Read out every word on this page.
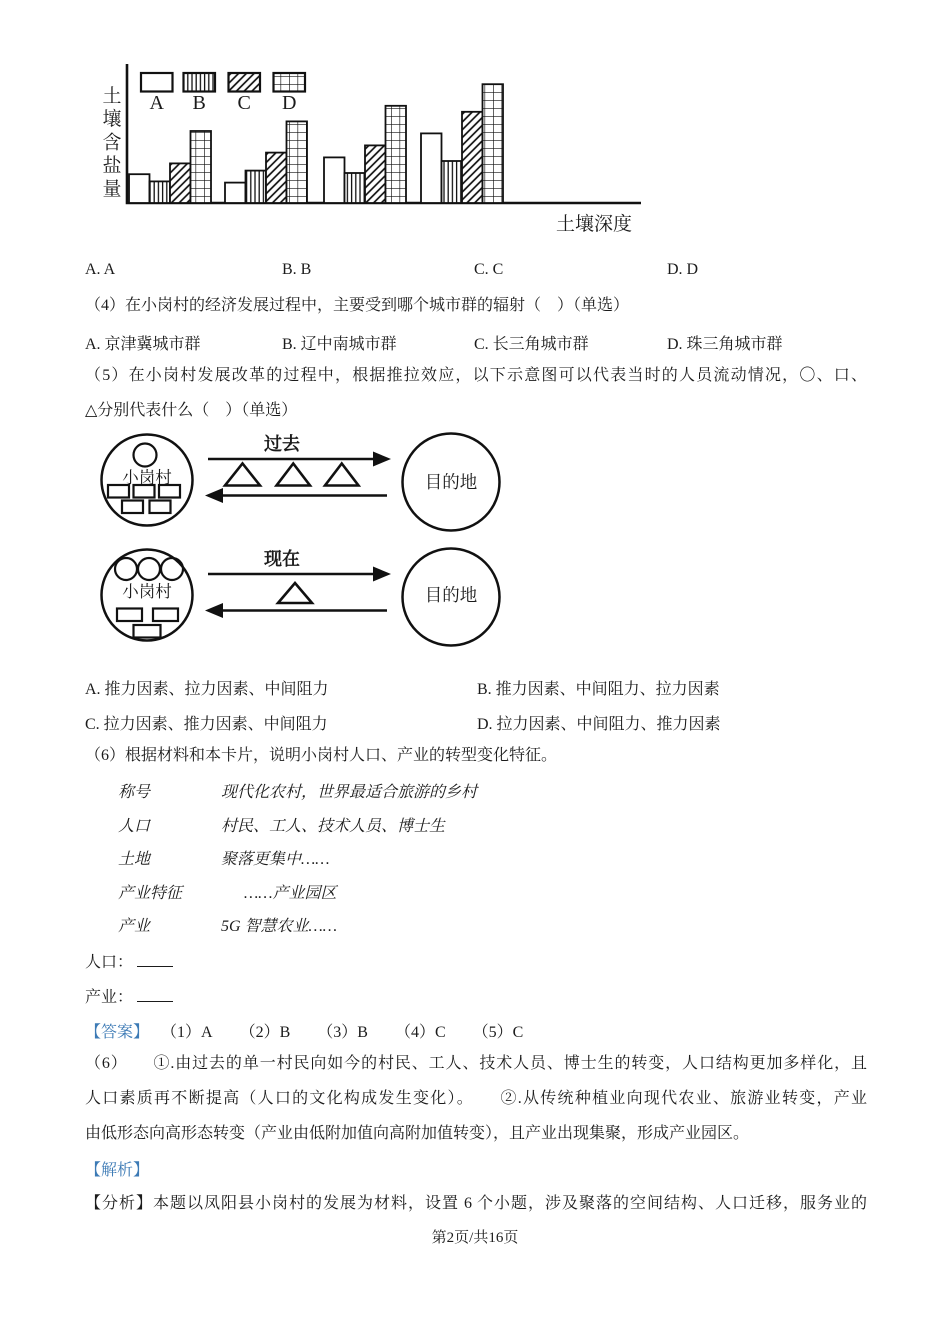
土
壤
含
盐
量
土壤深度
A B C D
A. A	B. B	C. C	D. D
（4）在小岗村的经济发展过程中，主要受到哪个城市群的辐射（　）（单选）
A. 京津冀城市群	B. 辽中南城市群	C. 长三角城市群	D. 珠三角城市群
（5）在小岗村发展改革的过程中，根据推拉效应，以下示意图可以代表当时的人员流动情况，〇、口、
△分别代表什么（　）（单选）
小岗村
过去
目的地
小岗村
现在
目的地
A. 推力因素、拉力因素、中间阻力	B. 推力因素、中间阻力、拉力因素
C. 拉力因素、推力因素、中间阻力	D. 拉力因素、中间阻力、推力因素
（6）根据材料和本卡片，说明小岗村人口、产业的转型变化特征。
称号	现代化农村，世界最适合旅游的乡村
人口	村民、工人、技术人员、博士生
土地	聚落更集中……
产业特征	……产业园区
产业	5G 智慧农业……
人口：
产业：
【答案】 （1）A （2）B （3）B （4）C （5）C
（6）　　①.由过去的单一村民向如今的村民、工人、技术人员、博士生的转变，人口结构更加多样化，且
人口素质再不断提高（人口的文化构成发生变化）。　　②.从传统种植业向现代农业、旅游业转变，产业
由低形态向高形态转变（产业由低附加值向高附加值转变），且产业出现集聚，形成产业园区。
【解析】
【分析】本题以凤阳县小岗村的发展为材料，设置 6 个小题，涉及聚落的空间结构、人口迁移，服务业的
第2页/共16页
